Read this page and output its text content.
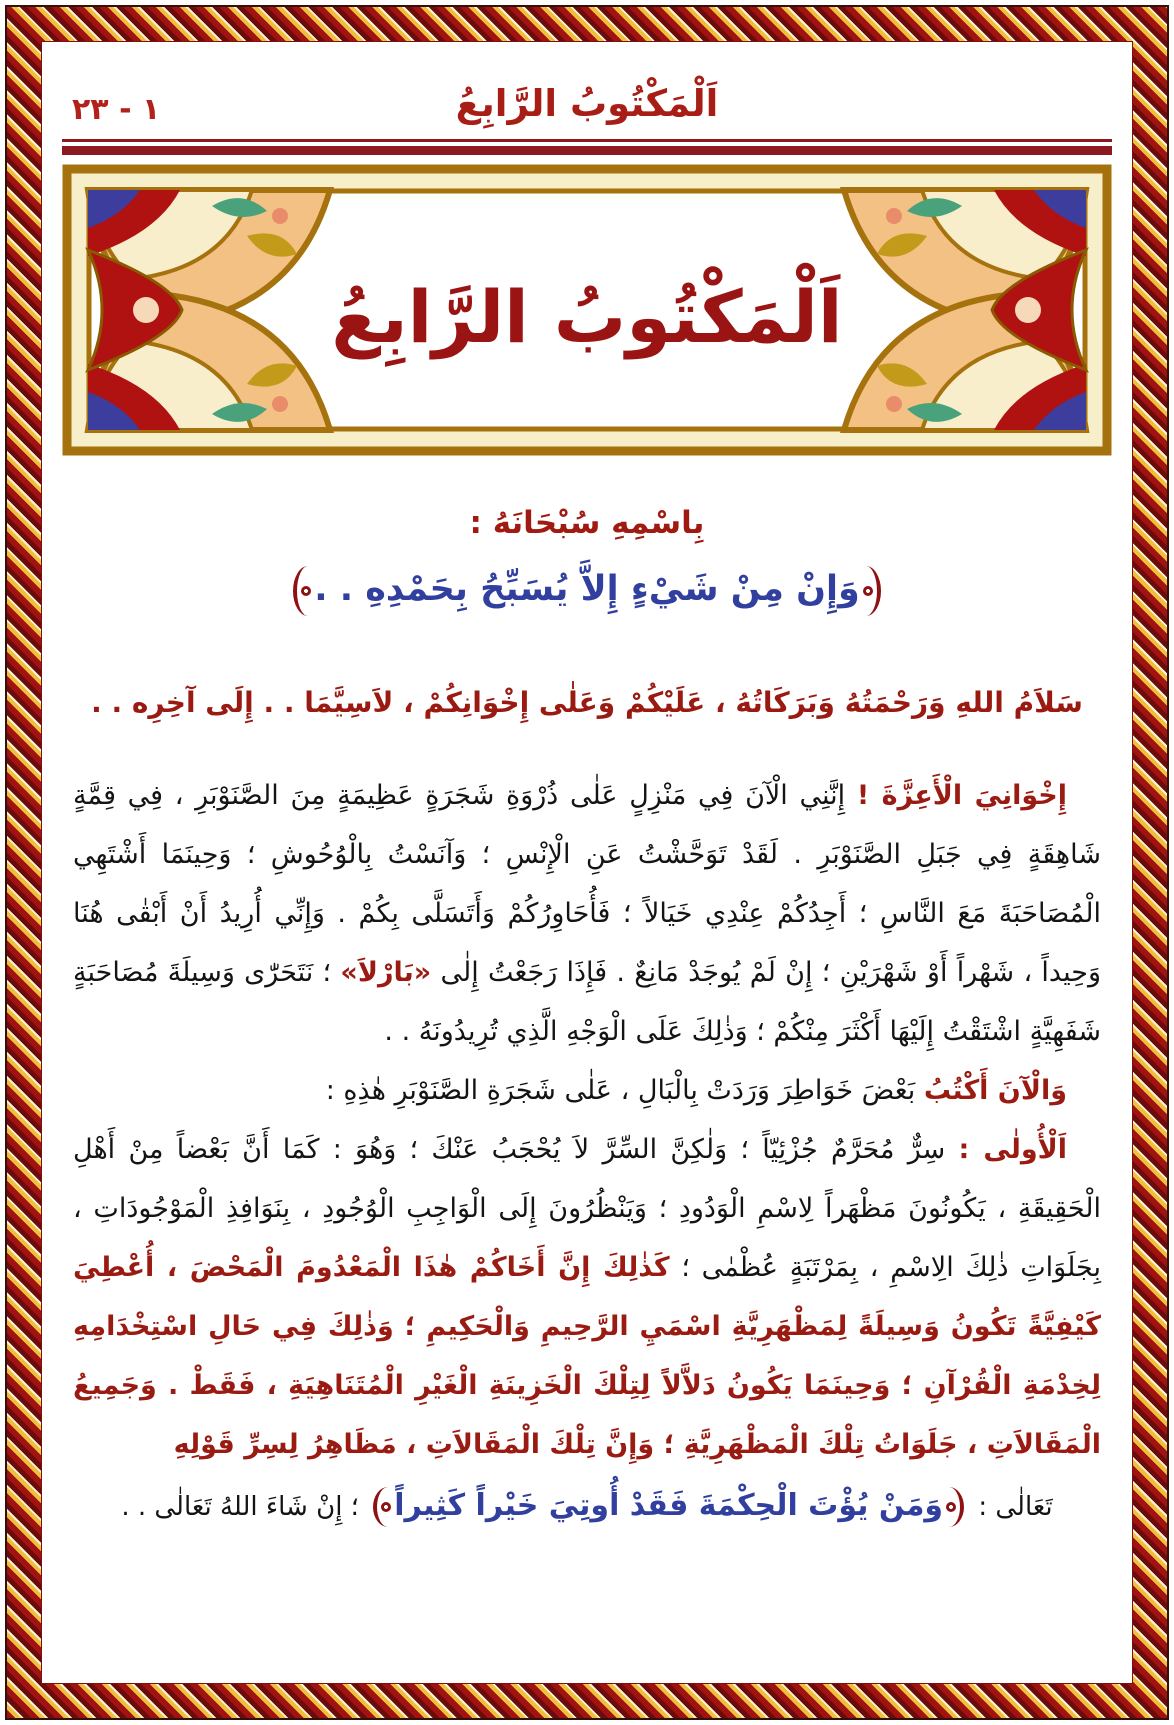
٢٣ - ١	اَلْمَكْتُوبُ الرَّابِعُ
اَلْمَكْتُوبُ الرَّابِعُ
بِاسْمِهِ سُبْحَانَهُ :
وَإِنْ مِنْ شَيْءٍ إِلاَّ يُسَبِّحُ بِحَمْدِهِ . .
سَلاَمُ اللهِ وَرَحْمَتُهُ وَبَرَكَاتُهُ ، عَلَيْكُمْ وَعَلٰى إِخْوَانِكُمْ ، لاَسِيَّمَا . . إِلَى آخِرِه . .

إِخْوَانِيَ الْأَعِزَّةَ ! إِنَّنِي الْآنَ فِي مَنْزِلٍ عَلٰى ذُرْوَةِ شَجَرَةٍ عَظِيمَةٍ مِنَ الصَّنَوْبَرِ ، فِي قِمَّةٍ شَاهِقَةٍ فِي جَبَلِ الصَّنَوْبَرِ . لَقَدْ تَوَحَّشْتُ عَنِ الْإِنْسِ ؛ وَآنَسْتُ بِالْوُحُوشِ ؛ وَحِينَمَا أَشْتَهِي الْمُصَاحَبَةَ مَعَ النَّاسِ ؛ أَجِدُكُمْ عِنْدِي خَيَالاً ؛ فَأُحَاوِرُكُمْ وَأَتَسَلَّى بِكُمْ . وَإِنِّي أُرِيدُ أَنْ أَبْقٰى هُنَا وَحِيداً ، شَهْراً أَوْ شَهْرَيْنِ ؛ إِنْ لَمْ يُوجَدْ مَانِعٌ . فَإِذَا رَجَعْتُ إِلٰى «بَارْلاَ» ؛ نَتَحَرّٰى وَسِيلَةَ مُصَاحَبَةٍ شَفَهِيَّةٍ اشْتَقْتُ إِلَيْهَا أَكْثَرَ مِنْكُمْ ؛ وَذٰلِكَ عَلَى الْوَجْهِ الَّذِي تُرِيدُونَهُ . .

وَالْآنَ أَكْتُبُ بَعْضَ خَوَاطِرَ وَرَدَتْ بِالْبَالِ ، عَلٰى شَجَرَةِ الصَّنَوْبَرِ هٰذِهِ :

اَلْأُولٰى : سِرٌّ مُحَرَّمٌ جُزْئِيّاً ؛ وَلٰكِنَّ السِّرَّ لاَ يُحْجَبُ عَنْكَ ؛ وَهُوَ : كَمَا أَنَّ بَعْضاً مِنْ أَهْلِ الْحَقِيقَةِ ، يَكُونُونَ مَظْهَراً لِاسْمِ الْوَدُودِ ؛ وَيَنْظُرُونَ إِلَى الْوَاجِبِ الْوُجُودِ ، بِنَوَافِذِ الْمَوْجُودَاتِ ، بِجَلَوَاتِ ذٰلِكَ الِاسْمِ ، بِمَرْتَبَةٍ عُظْمٰى ؛ كَذٰلِكَ إِنَّ أَخَاكُمْ هٰذَا الْمَعْدُومَ الْمَحْضَ ، أُعْطِيَ كَيْفِيَّةً تَكُونُ وَسِيلَةً لِمَظْهَرِيَّةِ اسْمَيِ الرَّحِيمِ وَالْحَكِيمِ ؛ وَذٰلِكَ فِي حَالِ اسْتِخْدَامِهِ لِخِدْمَةِ الْقُرْآنِ ؛ وَحِينَمَا يَكُونُ دَلاَّلاً لِتِلْكَ الْخَزِينَةِ الْغَيْرِ الْمُتَنَاهِيَةِ ، فَقَطْ . وَجَمِيعُ الْمَقَالاَتِ ، جَلَوَاتُ تِلْكَ الْمَظْهَرِيَّةِ ؛ وَإِنَّ تِلْكَ الْمَقَالاَتِ ، مَظَاهِرُ لِسِرِّ قَوْلِهِ

تَعَالٰى : وَمَنْ يُؤْتَ الْحِكْمَةَ فَقَدْ أُوتِيَ خَيْراً كَثِيراً ؛ إِنْ شَاءَ اللهُ تَعَالٰى . .
